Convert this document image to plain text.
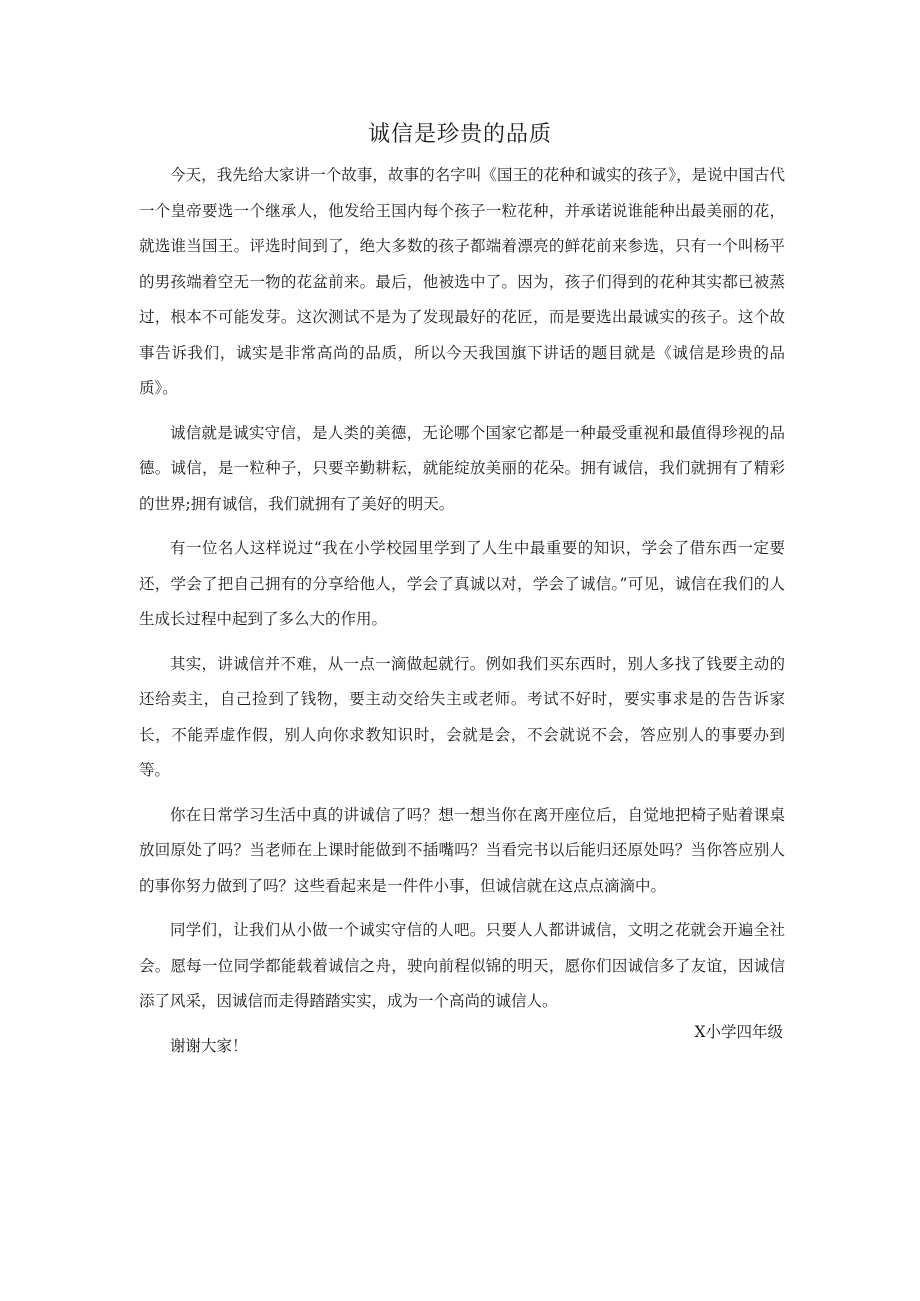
诚信是珍贵的品质

今天，我先给大家讲一个故事，故事的名字叫《国王的花种和诚实的孩子》，是说中国古代一个皇帝要选一个继承人，他发给王国内每个孩子一粒花种，并承诺说谁能种出最美丽的花，就选谁当国王。评选时间到了，绝大多数的孩子都端着漂亮的鲜花前来参选，只有一个叫杨平的男孩端着空无一物的花盆前来。最后，他被选中了。因为，孩子们得到的花种其实都已被蒸过，根本不可能发芽。这次测试不是为了发现最好的花匠，而是要选出最诚实的孩子。这个故事告诉我们，诚实是非常高尚的品质，所以今天我国旗下讲话的题目就是《诚信是珍贵的品质》。

诚信就是诚实守信，是人类的美德，无论哪个国家它都是一种最受重视和最值得珍视的品德。诚信，是一粒种子，只要辛勤耕耘，就能绽放美丽的花朵。拥有诚信，我们就拥有了精彩的世界;拥有诚信，我们就拥有了美好的明天。

有一位名人这样说过“我在小学校园里学到了人生中最重要的知识，学会了借东西一定要还，学会了把自己拥有的分享给他人，学会了真诚以对，学会了诚信。”可见，诚信在我们的人生成长过程中起到了多么大的作用。

其实，讲诚信并不难，从一点一滴做起就行。例如我们买东西时，别人多找了钱要主动的还给卖主，自己捡到了钱物，要主动交给失主或老师。考试不好时，要实事求是的告告诉家长，不能弄虚作假，别人向你求教知识时，会就是会，不会就说不会，答应别人的事要办到等。

你在日常学习生活中真的讲诚信了吗？想一想当你在离开座位后，自觉地把椅子贴着课桌放回原处了吗？当老师在上课时能做到不插嘴吗？当看完书以后能归还原处吗？当你答应别人的事你努力做到了吗？这些看起来是一件件小事，但诚信就在这点点滴滴中。

同学们，让我们从小做一个诚实守信的人吧。只要人人都讲诚信，文明之花就会开遍全社会。愿每一位同学都能载着诚信之舟，驶向前程似锦的明天，愿你们因诚信多了友谊，因诚信添了风采，因诚信而走得踏踏实实，成为一个高尚的诚信人。

谢谢大家！

X小学四年级
